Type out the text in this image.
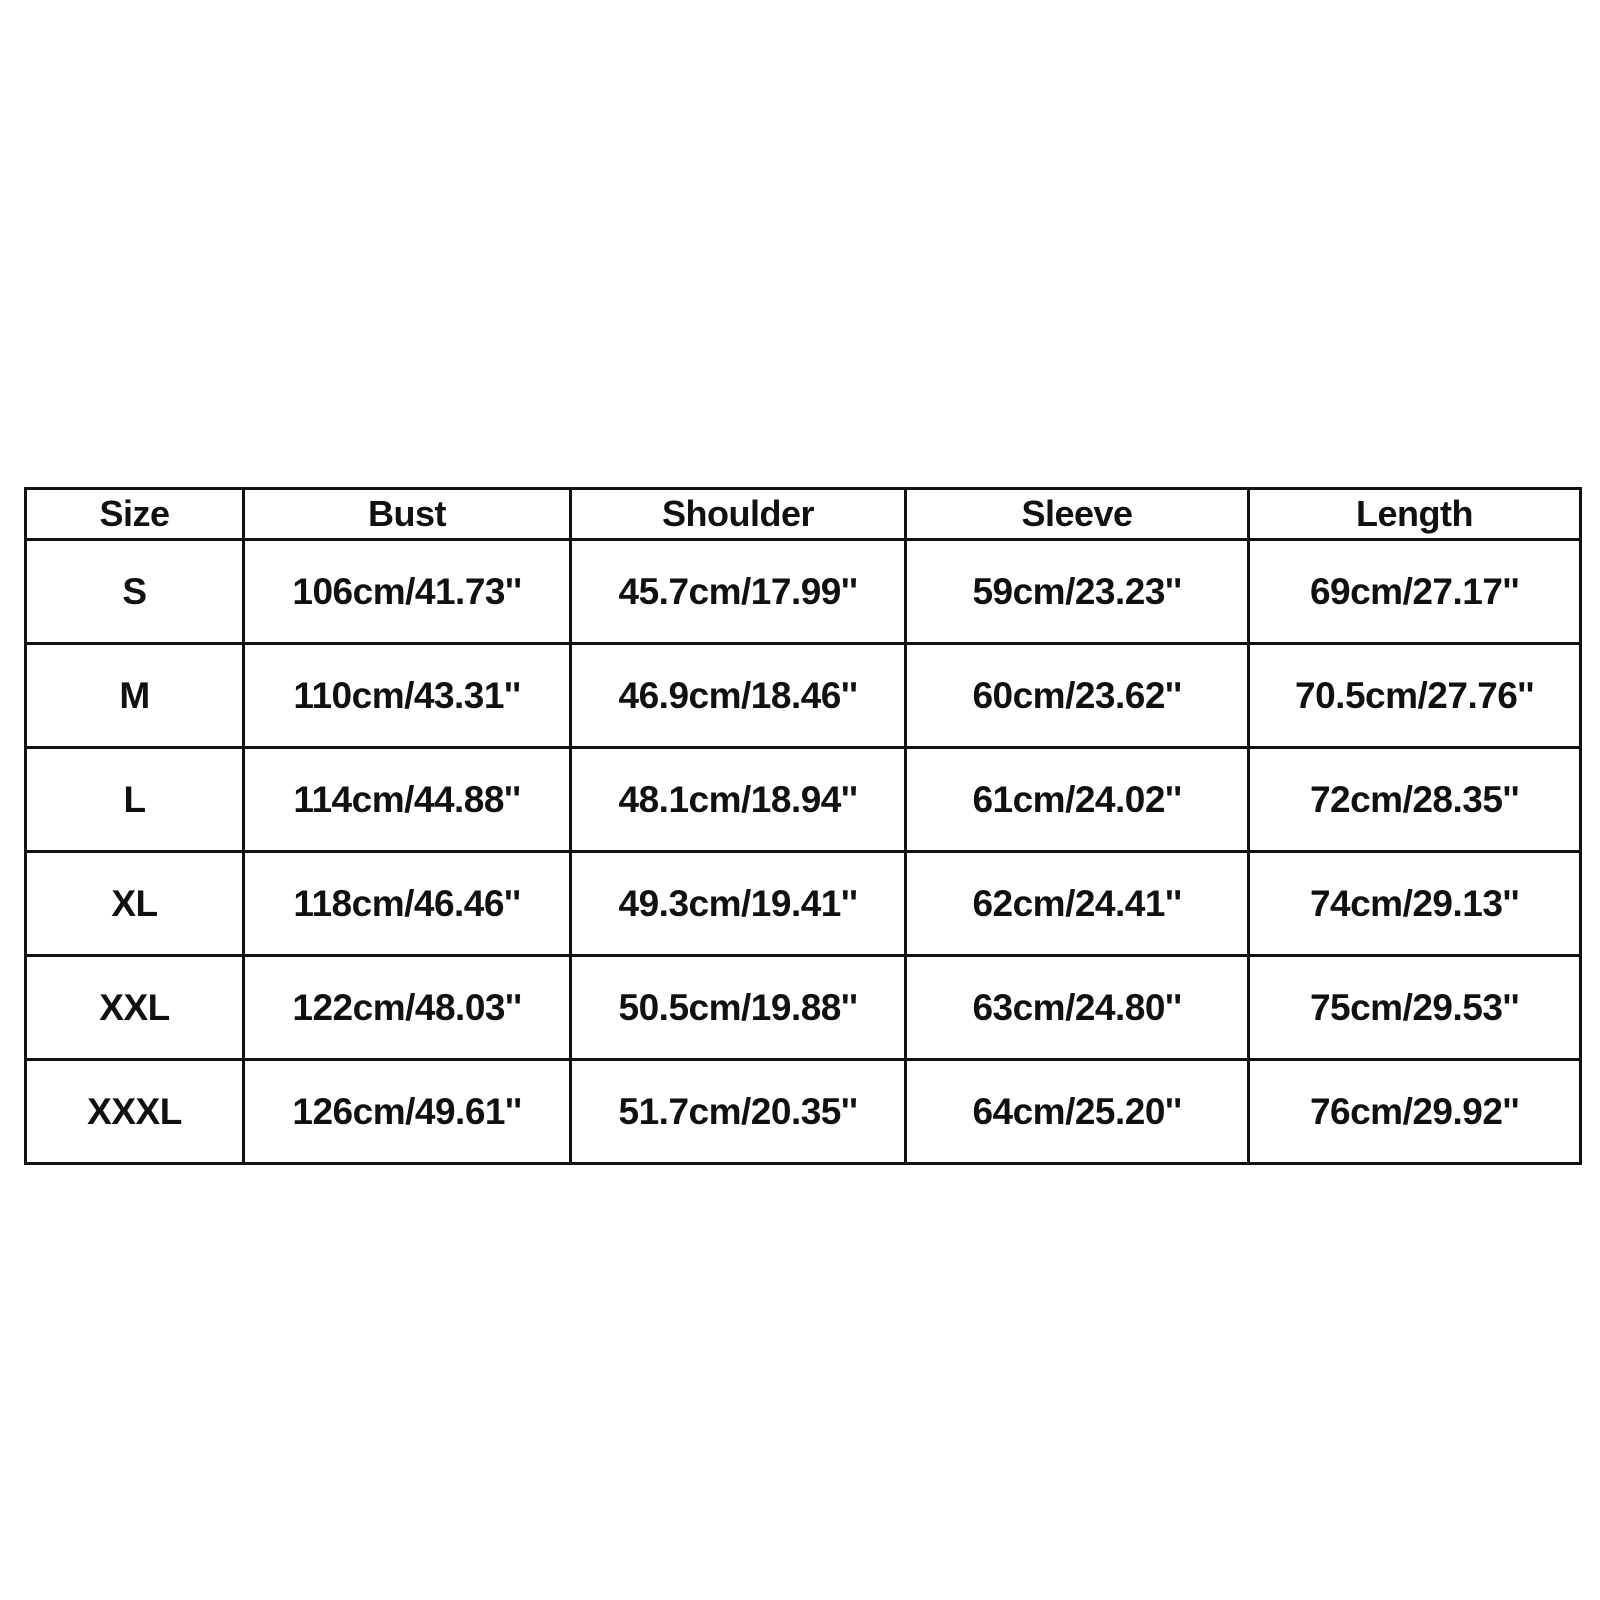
Size	Bust	Shoulder	Sleeve	Length
S	106cm/41.73''	45.7cm/17.99''	59cm/23.23''	69cm/27.17''
M	110cm/43.31''	46.9cm/18.46''	60cm/23.62''	70.5cm/27.76''
L	114cm/44.88''	48.1cm/18.94''	61cm/24.02''	72cm/28.35''
XL	118cm/46.46''	49.3cm/19.41''	62cm/24.41''	74cm/29.13''
XXL	122cm/48.03''	50.5cm/19.88''	63cm/24.80''	75cm/29.53''
XXXL	126cm/49.61''	51.7cm/20.35''	64cm/25.20''	76cm/29.92''
